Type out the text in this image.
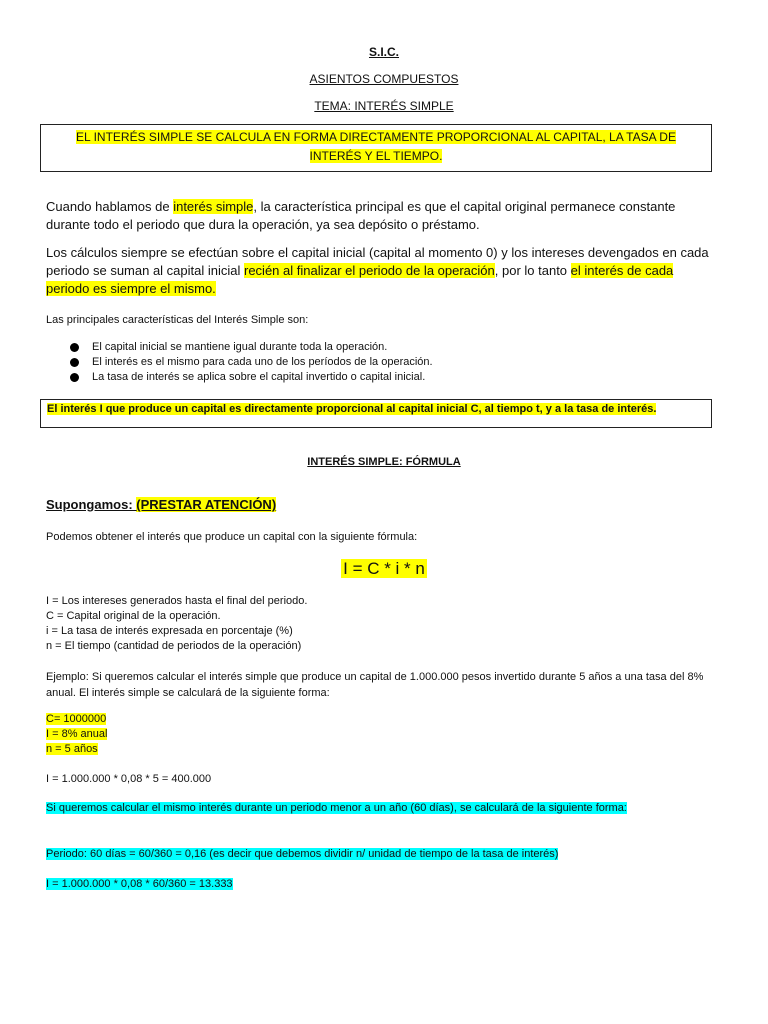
S.I.C.
ASIENTOS COMPUESTOS
TEMA: INTERÉS SIMPLE
EL INTERÉS SIMPLE SE CALCULA EN FORMA DIRECTAMENTE PROPORCIONAL AL CAPITAL, LA TASA DE INTERÉS Y EL TIEMPO.
Cuando hablamos de interés simple, la característica principal es que el capital original permanece constante durante todo el periodo que dura la operación, ya sea depósito o préstamo.
Los cálculos siempre se efectúan sobre el capital inicial (capital al momento 0) y los intereses devengados en cada periodo se suman al capital inicial recién al finalizar el periodo de la operación, por lo tanto el interés de cada periodo es siempre el mismo.
Las principales características del Interés Simple son:
El capital inicial se mantiene igual durante toda la operación.
El interés es el mismo para cada uno de los períodos de la operación.
La tasa de interés se aplica sobre el capital invertido o capital inicial.
El interés I que produce un capital es directamente proporcional al capital inicial C, al tiempo t, y a la tasa de interés.
INTERÉS SIMPLE: FÓRMULA
Supongamos: (PRESTAR ATENCIÓN)
Podemos obtener el interés que produce un capital con la siguiente fórmula:
I = C * i * n
I = Los intereses generados hasta el final del periodo.
C = Capital original de la operación.
i = La tasa de interés expresada en porcentaje (%)
n = El tiempo (cantidad de periodos de la operación)
Ejemplo: Si queremos calcular el interés simple que produce un capital de 1.000.000 pesos invertido durante 5 años a una tasa del 8% anual. El interés simple se calculará de la siguiente forma:
C= 1000000
I = 8% anual
n = 5 años
I = 1.000.000 * 0,08 * 5 = 400.000
Si queremos calcular el mismo interés durante un periodo menor a un año (60 días), se calculará de la siguiente forma:
Periodo: 60 días = 60/360 = 0,16 (es decir que debemos dividir n/ unidad de tiempo de la tasa de interés)
I = 1.000.000 * 0,08 * 60/360 = 13.333
